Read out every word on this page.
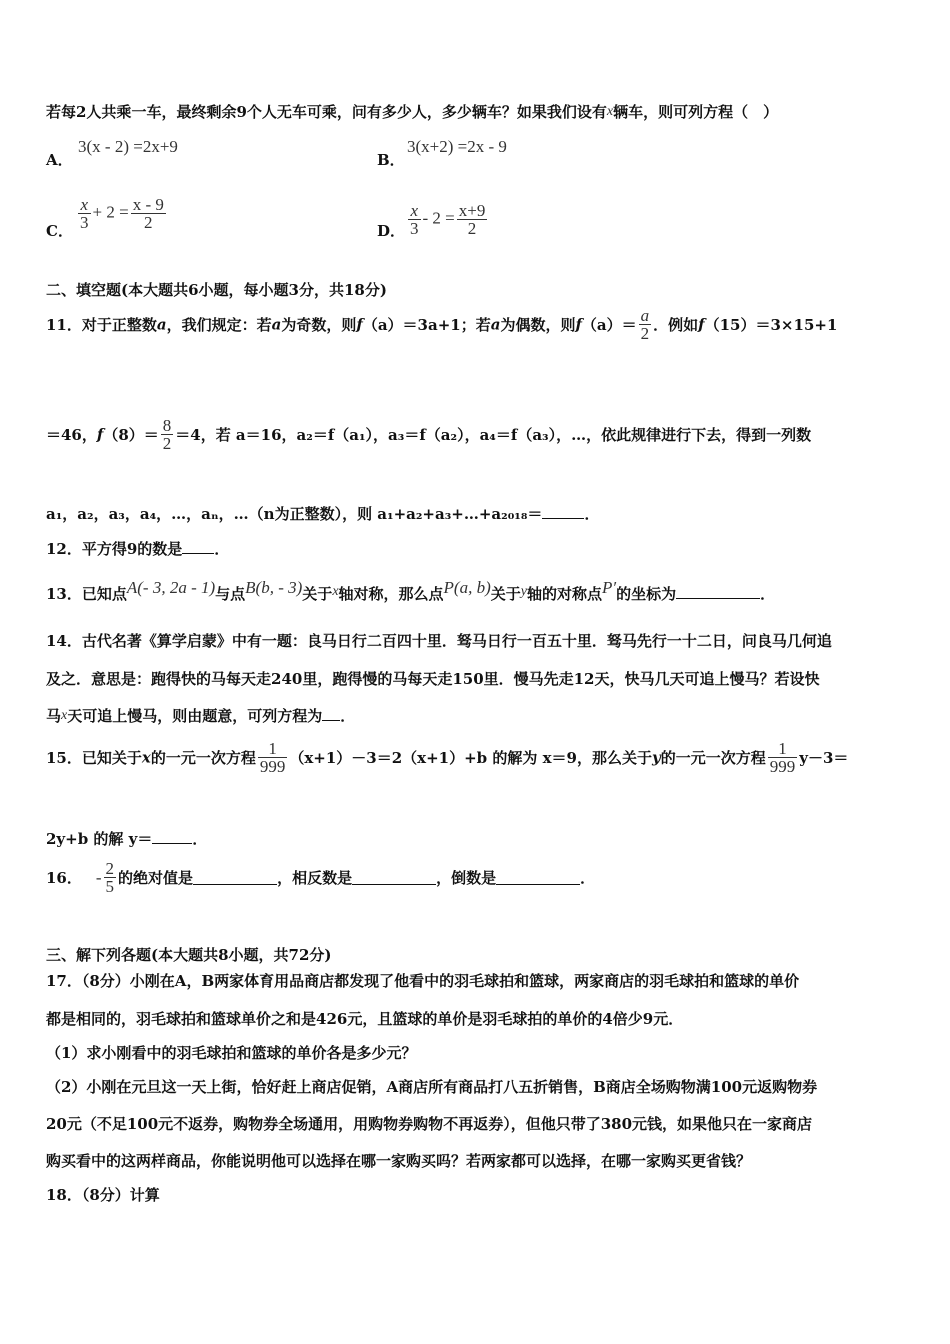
若每2人共乘一车，最终剩余9个人无车可乘，问有多少人，多少辆车？如果我们设有x辆车，则可列方程（　）
A．
3(x - 2) =2x+9
B．
3(x+2) =2x - 9
C． $\frac{x}{3} + 2 = \frac{x - 9}{2}$	D． $\frac{x}{3} - 2 = \frac{x+9}{2}$
二、填空题(本大题共6小题，每小题3分，共18分)
11．对于正整数a，我们规定：若a为奇数，则f（a）＝3a+1；若a为偶数，则$f(a)= \frac{a}{2}$ ．例如f（15）＝3×15+1
＝46，$f(8)= \frac{8}{2} =4$，若 a＝16，a₂＝f（a₁），a₃＝f（a₂），a₄＝f（a₃），…，依此规律进行下去，得到一列数
a₁，a₂，a₃，a₄，…，aₙ，…（n为正整数），则 a₁+a₂+a₃+…+a₂₀₁₈＝	．
12．平方得9的数是 ．
13．已知点A(- 3, 2a - 1)与点B(b, - 3)关于x轴对称，那么点P(a, b)关于y轴的对称点P′的坐标为	．
14．古代名著《算学启蒙》中有一题：良马日行二百四十里．驽马日行一百五十里．驽马先行一十二日，问良马几何追
及之．意思是：跑得快的马每天走240里，跑得慢的马每天走150里．慢马先走12天，快马几天可追上慢马？若设快
马x天可追上慢马，则由题意，可列方程为 ．
15．已知关于x的一元一次方程 $\frac{1}{999} (x+1)-3=2(x+1)+b$ 的解为 x＝9，那么关于y的一元一次方程 $\frac{1}{999} y-3=$
2y+b 的解 y＝	．
16． - $\frac{2}{5}$ 的绝对值是	，相反数是	，倒数是	．
三、解下列各题(本大题共8小题，共72分)
17．（8分）小刚在A，B两家体育用品商店都发现了他看中的羽毛球拍和篮球，两家商店的羽毛球拍和篮球的单价
都是相同的，羽毛球拍和篮球单价之和是426元，且篮球的单价是羽毛球拍的单价的4倍少9元．
（1）求小刚看中的羽毛球拍和篮球的单价各是多少元？
（2）小刚在元旦这一天上街，恰好赶上商店促销，A商店所有商品打八五折销售，B商店全场购物满100元返购物券
20元（不足100元不返券，购物券全场通用，用购物券购物不再返券），但他只带了380元钱，如果他只在一家商店
购买看中的这两样商品，你能说明他可以选择在哪一家购买吗？若两家都可以选择，在哪一家购买更省钱？
18．（8分）计算
